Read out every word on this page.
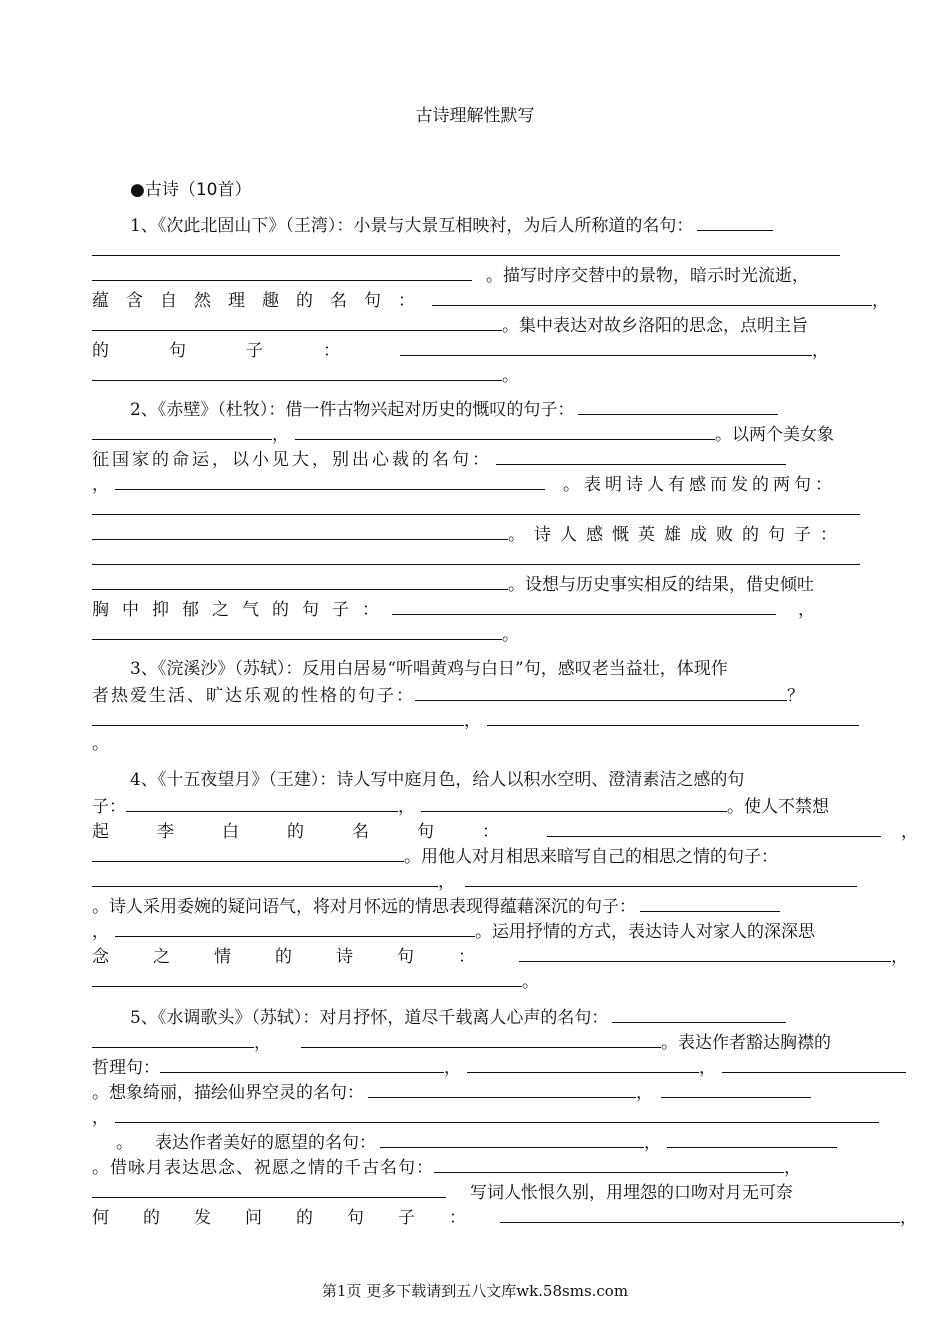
古诗理解性默写
●古诗（10首）
1、《次此北固山下》（王湾）：小景与大景互相映衬，为后人所称道的名句：
。描写时序交替中的景物，暗示时光流逝，
蕴含自然理趣的名句：	，
。集中表达对故乡洛阳的思念，点明主旨
的句子：	，
。
2、《赤壁》（杜牧）：借一件古物兴起对历史的慨叹的句子：
，	。以两个美女象
征国家的命运，以小见大，别出心裁的名句：
，	。表明诗人有感而发的两句：
。诗人感慨英雄成败的句子：
。设想与历史事实相反的结果，借史倾吐
胸中抑郁之气的句子：	，
。
3、《浣溪沙》（苏轼）：反用白居易“听唱黄鸡与白日”句，感叹老当益壮，体现作
者热爱生活、旷达乐观的性格的句子：	？
，
。
4、《十五夜望月》（王建）：诗人写中庭月色，给人以积水空明、澄清素洁之感的句
子：	，	。使人不禁想
起李白的名句：	，
。用他人对月相思来暗写自己的相思之情的句子：
，
。诗人采用委婉的疑问语气，将对月怀远的情思表现得蕴藉深沉的句子：
，	。运用抒情的方式，表达诗人对家人的深深思
念之情的诗句：	，
。
5、《水调歌头》（苏轼）：对月抒怀，道尽千载离人心声的名句：
，	。表达作者豁达胸襟的
哲理句：	，	，
。想象绮丽，描绘仙界空灵的名句：	，
，
。 表达作者美好的愿望的名句：	，
。借咏月表达思念、祝愿之情的千古名句：	，
写词人怅恨久别，用埋怨的口吻对月无可奈
何的发问的句子：	，
第1页 更多下载请到五八文库wk.58sms.com
